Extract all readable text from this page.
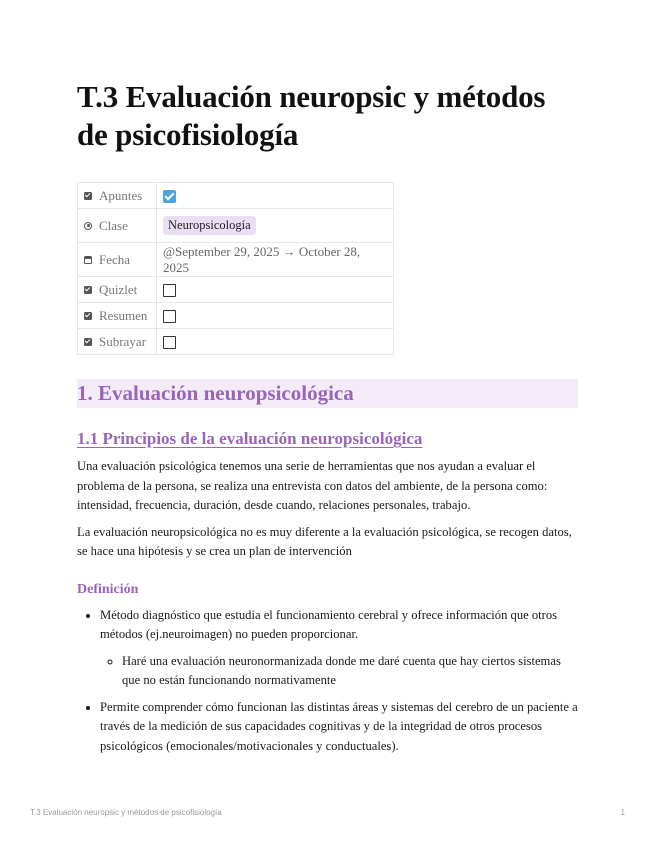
T.3 Evaluación neuropsic y métodos de psicofisiología
Apuntes	
Clase	Neuropsicología
Fecha	@September 29, 2025 → October 28, 2025
Quizlet	
Resumen	
Subrayar	
1. Evaluación neuropsicológica
1.1 Principios de la evaluación neuropsicológica

Una evaluación psicológica tenemos una serie de herramientas que nos ayudan a evaluar el problema de la persona, se realiza una entrevista con datos del ambiente, de la persona como: intensidad, frecuencia, duración, desde cuando, relaciones personales, trabajo.

La evaluación neuropsicológica no es muy diferente a la evaluación psicológica, se recogen datos, se hace una hipótesis y se crea un plan de intervención

Definición
• Método diagnóstico que estudia el funcionamiento cerebral y ofrece información que otros métodos (ej.neuroimagen) no pueden proporcionar.
◦ Haré una evaluación neuronormanizada donde me daré cuenta que hay ciertos sistemas que no están funcionando normativamente
• Permite comprender cómo funcionan las distintas áreas y sistemas del cerebro de un paciente a través de la medición de sus capacidades cognitivas y de la integridad de otros procesos psicológicos (emocionales/motivacionales y conductuales).
T.3 Evaluación neuropsic y métodos de psicofisiología	1
